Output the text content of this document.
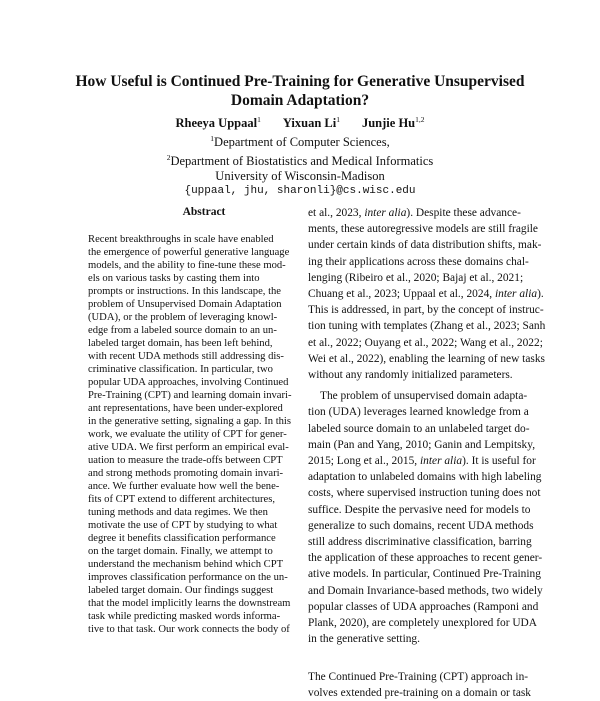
How Useful is Continued Pre-Training for Generative Unsupervised
Domain Adaptation?
Rheeya Uppaal$^1$ Yixuan Li$^1$ Junjie Hu$^{1,2}$
$^1$Department of Computer Sciences,
$^2$Department of Biostatistics and Medical Informatics
University of Wisconsin-Madison
{uppaal, jhu, sharonli}@cs.wisc.edu
Abstract
Recent breakthroughs in scale have enabled
the emergence of powerful generative language
models, and the ability to fine-tune these mod-
els on various tasks by casting them into
prompts or instructions. In this landscape, the
problem of Unsupervised Domain Adaptation
(UDA), or the problem of leveraging knowl-
edge from a labeled source domain to an un-
labeled target domain, has been left behind,
with recent UDA methods still addressing dis-
criminative classification. In particular, two
popular UDA approaches, involving Continued
Pre-Training (CPT) and learning domain invari-
ant representations, have been under-explored
in the generative setting, signaling a gap. In this
work, we evaluate the utility of CPT for gener-
ative UDA. We first perform an empirical eval-
uation to measure the trade-offs between CPT
and strong methods promoting domain invari-
ance. We further evaluate how well the bene-
fits of CPT extend to different architectures,
tuning methods and data regimes. We then
motivate the use of CPT by studying to what
degree it benefits classification performance
on the target domain. Finally, we attempt to
understand the mechanism behind which CPT
improves classification performance on the un-
labeled target domain. Our findings suggest
that the model implicitly learns the downstream
task while predicting masked words informa-
tive to that task. Our work connects the body of
et al., 2023, inter alia). Despite these advance-
ments, these autoregressive models are still fragile
under certain kinds of data distribution shifts, mak-
ing their applications across these domains chal-
lenging (Ribeiro et al., 2020; Bajaj et al., 2021;
Chuang et al., 2023; Uppaal et al., 2024, inter alia).
This is addressed, in part, by the concept of instruc-
tion tuning with templates (Zhang et al., 2023; Sanh
et al., 2022; Ouyang et al., 2022; Wang et al., 2022;
Wei et al., 2022), enabling the learning of new tasks
without any randomly initialized parameters.
The problem of unsupervised domain adapta-

tion (UDA) leverages learned knowledge from a
labeled source domain to an unlabeled target do-
main (Pan and Yang, 2010; Ganin and Lempitsky,
2015; Long et al., 2015, inter alia). It is useful for
adaptation to unlabeled domains with high labeling
costs, where supervised instruction tuning does not
suffice. Despite the pervasive need for models to
generalize to such domains, recent UDA methods
still address discriminative classification, barring
the application of these approaches to recent gener-
ative models. In particular, Continued Pre-Training
and Domain Invariance-based methods, two widely
popular classes of UDA approaches (Ramponi and
Plank, 2020), are completely unexplored for UDA
in the generative setting.
The Continued Pre-Training (CPT) approach in-

volves extended pre-training on a domain or task
